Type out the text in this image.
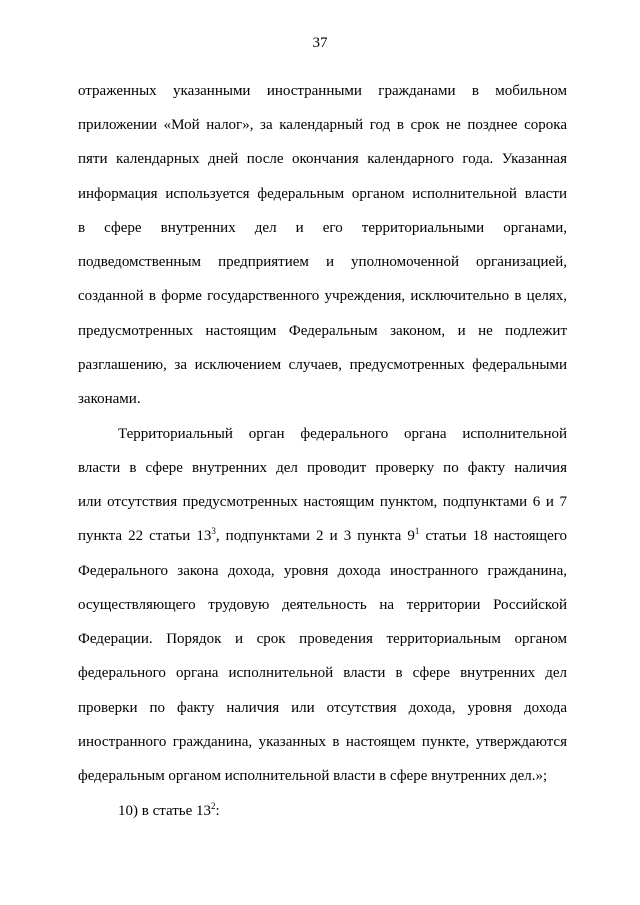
37
отраженных указанными иностранными гражданами в мобильном
приложении «Мой налог», за календарный год в срок не позднее сорока
пяти календарных дней после окончания календарного года. Указанная
информация используется федеральным органом исполнительной власти
в сфере внутренних дел и его территориальными органами,
подведомственным предприятием и уполномоченной организацией,
созданной в форме государственного учреждения, исключительно в целях,
предусмотренных настоящим Федеральным законом, и не подлежит
разглашению, за исключением случаев, предусмотренных федеральными
законами.
Территориальный орган федерального органа исполнительной
власти в сфере внутренних дел проводит проверку по факту наличия
или отсутствия предусмотренных настоящим пунктом, подпунктами 6 и 7
пункта 22 статьи $13^3$, подпунктами 2 и 3 пункта $9^1$ статьи 18 настоящего
Федерального закона дохода, уровня дохода иностранного гражданина,
осуществляющего трудовую деятельность на территории Российской
Федерации. Порядок и срок проведения территориальным органом
федерального органа исполнительной власти в сфере внутренних дел
проверки по факту наличия или отсутствия дохода, уровня дохода
иностранного гражданина, указанных в настоящем пункте, утверждаются
федеральным органом исполнительной власти в сфере внутренних дел.»;
10) в статье $13^2$:
